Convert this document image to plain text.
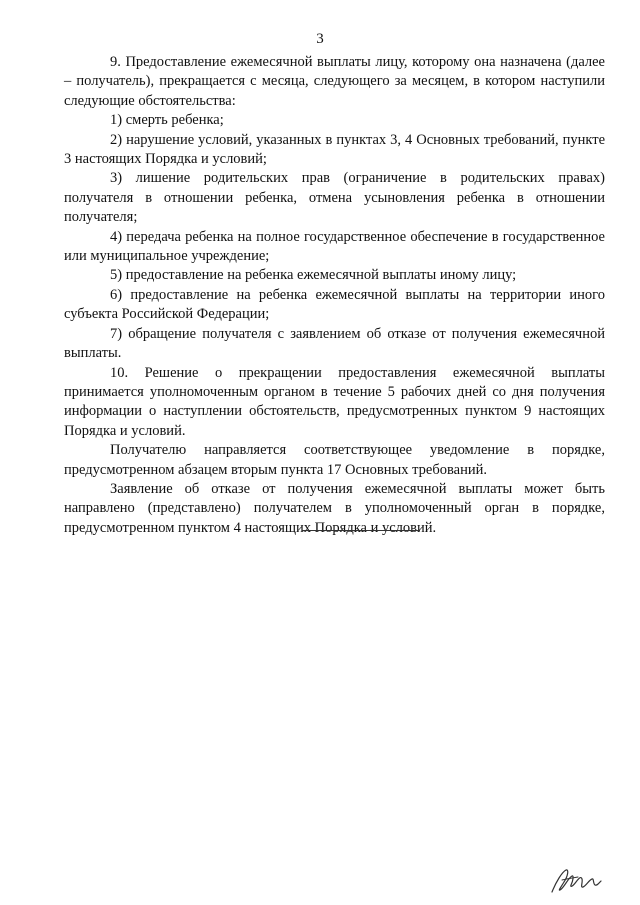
3

9. Предоставление ежемесячной выплаты лицу, которому она назначена (далее – получатель), прекращается с месяца, следующего за месяцем, в котором наступили следующие обстоятельства:

1) смерть ребенка;

2) нарушение условий, указанных в пунктах 3, 4 Основных требований, пункте 3 настоящих Порядка и условий;

3) лишение родительских прав (ограничение в родительских правах) получателя в отношении ребенка, отмена усыновления ребенка в отношении получателя;

4) передача ребенка на полное государственное обеспечение в государственное или муниципальное учреждение;

5) предоставление на ребенка ежемесячной выплаты иному лицу;

6) предоставление на ребенка ежемесячной выплаты на территории иного субъекта Российской Федерации;

7) обращение получателя с заявлением об отказе от получения ежемесячной выплаты.

10. Решение о прекращении предоставления ежемесячной выплаты принимается уполномоченным органом в течение 5 рабочих дней со дня получения информации о наступлении обстоятельств, предусмотренных пунктом 9 настоящих Порядка и условий.

Получателю направляется соответствующее уведомление в порядке, предусмотренном абзацем вторым пункта 17 Основных требований.

Заявление об отказе от получения ежемесячной выплаты может быть направлено (представлено) получателем в уполномоченный орган в порядке, предусмотренном пунктом 4 настоящих Порядка и условий.
